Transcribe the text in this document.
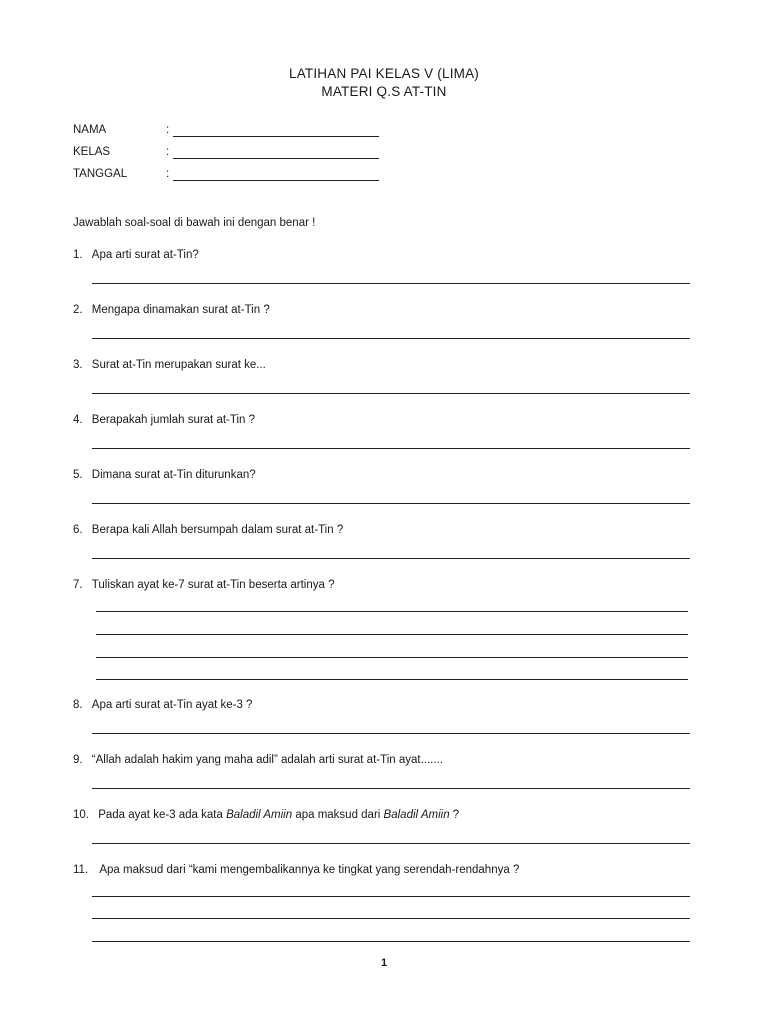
LATIHAN PAI KELAS V (LIMA)
MATERI Q.S AT-TIN
NAMA	:
KELAS	:
TANGGAL	:
Jawablah soal-soal di bawah ini dengan benar !
1. Apa arti surat at-Tin?
2. Mengapa dinamakan surat at-Tin ?
3. Surat at-Tin merupakan surat ke...
4. Berapakah jumlah surat at-Tin ?
5. Dimana surat at-Tin diturunkan?
6. Berapa kali Allah bersumpah dalam surat at-Tin ?
7. Tuliskan ayat ke-7 surat at-Tin beserta artinya ?
8. Apa arti surat at-Tin ayat ke-3 ?
9. “Allah adalah hakim yang maha adil” adalah arti surat at-Tin ayat.......
10. Pada ayat ke-3 ada kata Baladil Amiin apa maksud dari Baladil Amiin ?
11. Apa maksud dari “kami mengembalikannya ke tingkat yang serendah-rendahnya ?
1
